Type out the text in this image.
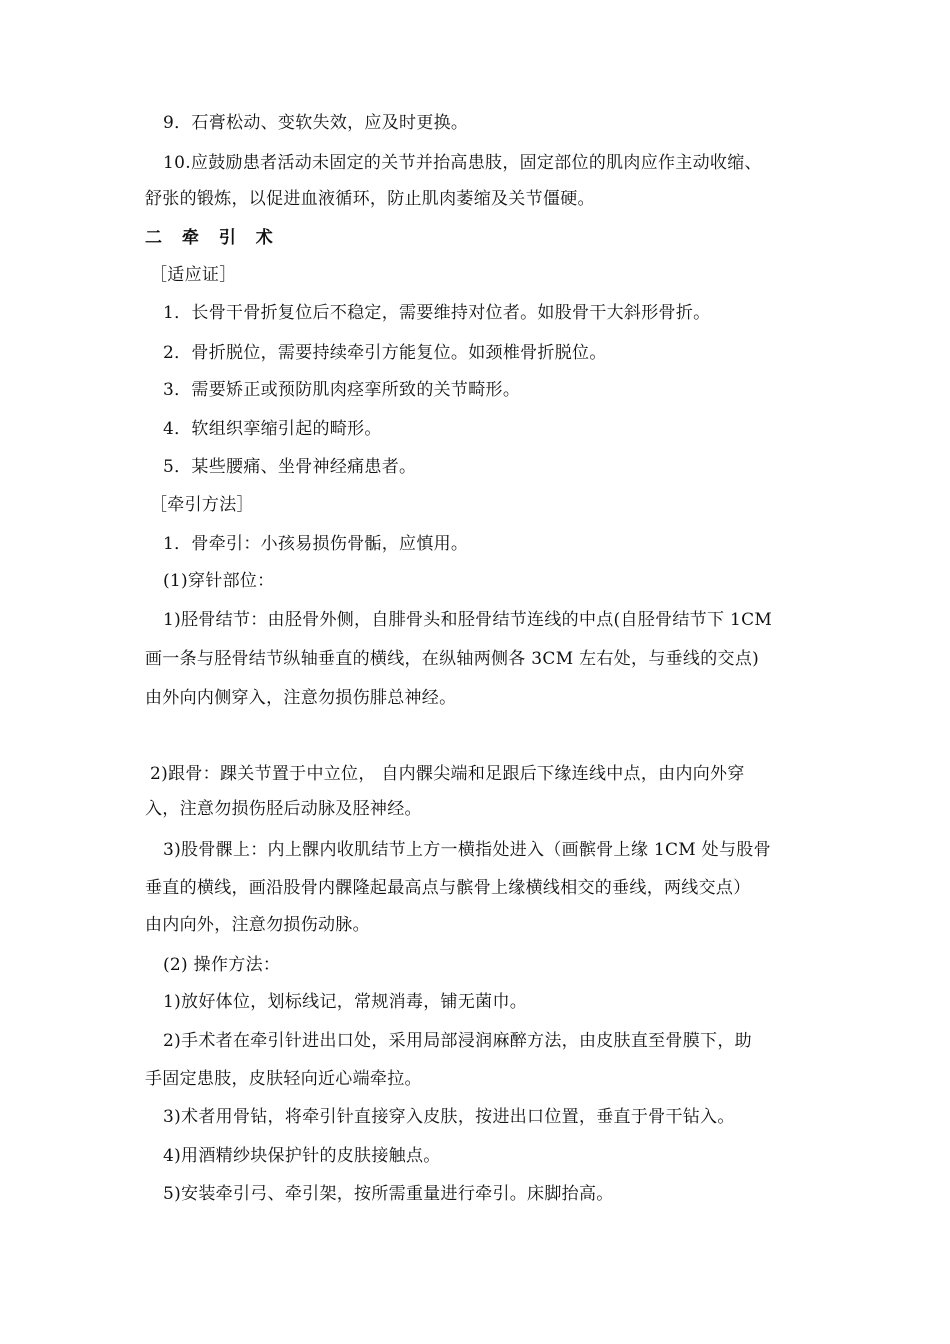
9．石膏松动、变软失效，应及时更换。
10.应鼓励患者活动未固定的关节并抬高患肢，固定部位的肌肉应作主动收缩、
舒张的锻炼，以促进血液循环，防止肌肉萎缩及关节僵硬。
二 牵 引 术
［适应证］
1．长骨干骨折复位后不稳定，需要维持对位者。如股骨干大斜形骨折。
2．骨折脱位，需要持续牵引方能复位。如颈椎骨折脱位。
3．需要矫正或预防肌肉痉挛所致的关节畸形。
4．软组织挛缩引起的畸形。
5．某些腰痛、坐骨神经痛患者。
［牵引方法］
1．骨牵引：小孩易损伤骨骺，应慎用。
(1)穿针部位：
1)胫骨结节：由胫骨外侧，自腓骨头和胫骨结节连线的中点(自胫骨结节下 1CM
画一条与胫骨结节纵轴垂直的横线，在纵轴两侧各 3CM 左右处，与垂线的交点)
由外向内侧穿入，注意勿损伤腓总神经。
2)跟骨：踝关节置于中立位， 自内髁尖端和足跟后下缘连线中点，由内向外穿
入，注意勿损伤胫后动脉及胫神经。
3)股骨髁上：内上髁内收肌结节上方一横指处进入（画髌骨上缘 1CM 处与股骨
垂直的横线，画沿股骨内髁隆起最高点与髌骨上缘横线相交的垂线，两线交点）
由内向外，注意勿损伤动脉。
(2) 操作方法：
1)放好体位，划标线记，常规消毒，铺无菌巾。
2)手术者在牵引针进出口处，采用局部浸润麻醉方法，由皮肤直至骨膜下，助
手固定患肢，皮肤轻向近心端牵拉。
3)术者用骨钻，将牵引针直接穿入皮肤，按进出口位置，垂直于骨干钻入。
4)用酒精纱块保护针的皮肤接触点。
5)安装牵引弓、牵引架，按所需重量进行牵引。床脚抬高。
